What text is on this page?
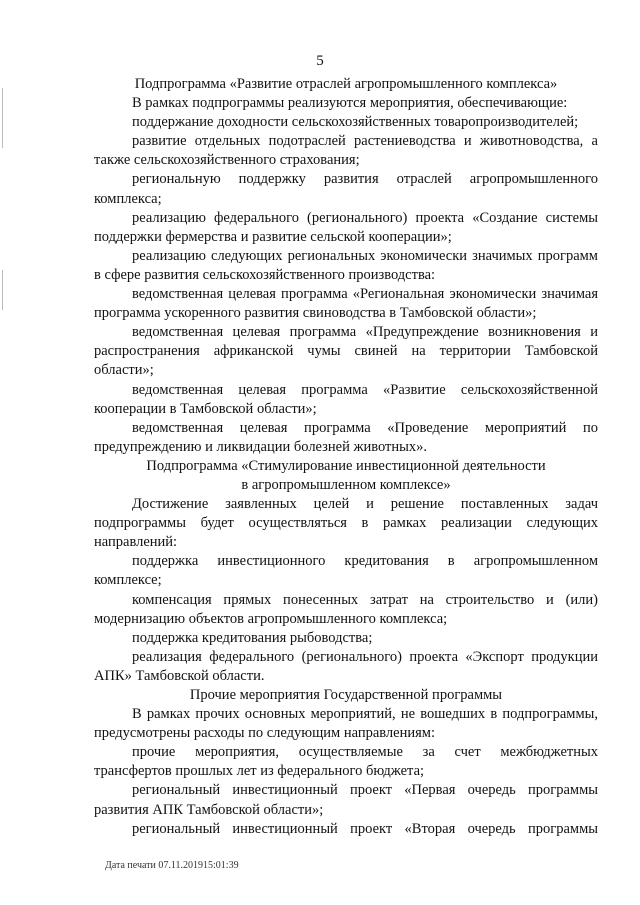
5

Подпрограмма «Развитие отраслей агропромышленного комплекса»

В рамках подпрограммы реализуются мероприятия, обеспечивающие:

поддержание доходности сельскохозяйственных товаропроизводителей;

развитие отдельных подотраслей растениеводства и животноводства, а также сельскохозяйственного страхования;

региональную поддержку развития отраслей агропромышленного комплекса;

реализацию федерального (регионального) проекта «Создание системы поддержки фермерства и развитие сельской кооперации»;

реализацию следующих региональных экономически значимых программ в сфере развития сельскохозяйственного производства:

ведомственная целевая программа «Региональная экономически значимая программа ускоренного развития свиноводства в Тамбовской области»;

ведомственная целевая программа «Предупреждение возникновения и распространения африканской чумы свиней на территории Тамбовской области»;

ведомственная целевая программа «Развитие сельскохозяйственной кооперации в Тамбовской области»;

ведомственная целевая программа «Проведение мероприятий по предупреждению и ликвидации болезней животных».

Подпрограмма «Стимулирование инвестиционной деятельности

в агропромышленном комплексе»

Достижение заявленных целей и решение поставленных задач подпрограммы будет осуществляться в рамках реализации следующих направлений:

поддержка инвестиционного кредитования в агропромышленном комплексе;

компенсация прямых понесенных затрат на строительство и (или) модернизацию объектов агропромышленного комплекса;

поддержка кредитования рыбоводства;

реализация федерального (регионального) проекта «Экспорт продукции АПК» Тамбовской области.

Прочие мероприятия Государственной программы

В рамках прочих основных мероприятий, не вошедших в подпрограммы, предусмотрены расходы по следующим направлениям:

прочие мероприятия, осуществляемые за счет межбюджетных трансфертов прошлых лет из федерального бюджета;

региональный инвестиционный проект «Первая очередь программы развития АПК Тамбовской области»;

региональный инвестиционный проект «Вторая очередь программы

Дата печати 07.11.201915:01:39
